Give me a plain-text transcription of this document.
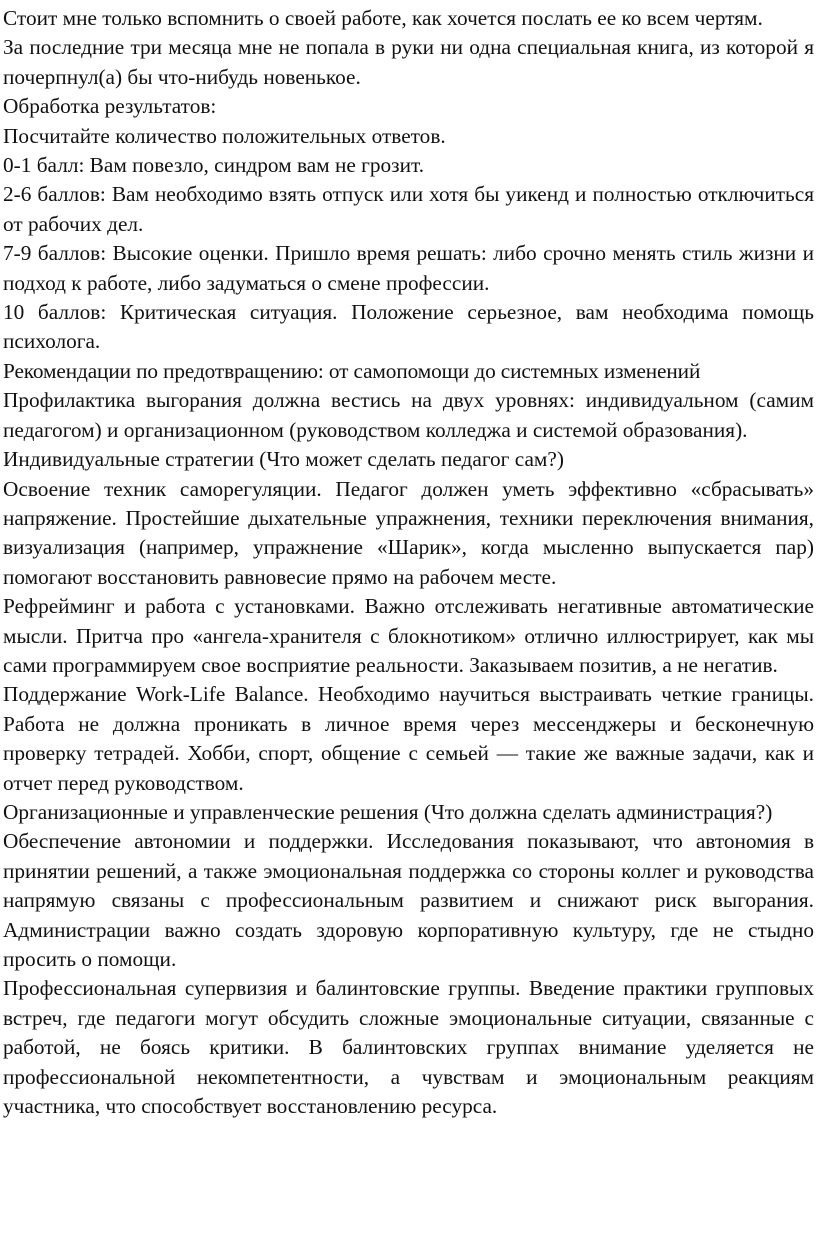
Стоит мне только вспомнить о своей работе, как хочется послать ее ко всем чертям.

За последние три месяца мне не попала в руки ни одна специальная книга, из которой я почерпнул(а) бы что-нибудь новенькое.

Обработка результатов:

Посчитайте количество положительных ответов.

0-1 балл: Вам повезло, синдром вам не грозит.

2-6 баллов: Вам необходимо взять отпуск или хотя бы уикенд и полностью отключиться от рабочих дел.

7-9 баллов: Высокие оценки. Пришло время решать: либо срочно менять стиль жизни и подход к работе, либо задуматься о смене профессии.

10 баллов: Критическая ситуация. Положение серьезное, вам необходима помощь психолога.

Рекомендации по предотвращению: от самопомощи до системных изменений

Профилактика выгорания должна вестись на двух уровнях: индивидуальном (самим педагогом) и организационном (руководством колледжа и системой образования).

Индивидуальные стратегии (Что может сделать педагог сам?)

Освоение техник саморегуляции. Педагог должен уметь эффективно «сбрасывать» напряжение. Простейшие дыхательные упражнения, техники переключения внимания, визуализация (например, упражнение «Шарик», когда мысленно выпускается пар) помогают восстановить равновесие прямо на рабочем месте.

Рефрейминг и работа с установками. Важно отслеживать негативные автоматические мысли. Притча про «ангела-хранителя с блокнотиком» отлично иллюстрирует, как мы сами программируем свое восприятие реальности. Заказываем позитив, а не негатив.

Поддержание Work-Life Balance. Необходимо научиться выстраивать четкие границы. Работа не должна проникать в личное время через мессенджеры и бесконечную проверку тетрадей. Хобби, спорт, общение с семьей — такие же важные задачи, как и отчет перед руководством.

Организационные и управленческие решения (Что должна сделать администрация?)

Обеспечение автономии и поддержки. Исследования показывают, что автономия в принятии решений, а также эмоциональная поддержка со стороны коллег и руководства напрямую связаны с профессиональным развитием и снижают риск выгорания. Администрации важно создать здоровую корпоративную культуру, где не стыдно просить о помощи.

Профессиональная супервизия и балинтовские группы. Введение практики групповых встреч, где педагоги могут обсудить сложные эмоциональные ситуации, связанные с работой, не боясь критики. В балинтовских группах внимание уделяется не профессиональной некомпетентности, а чувствам и эмоциональным реакциям участника, что способствует восстановлению ресурса.
